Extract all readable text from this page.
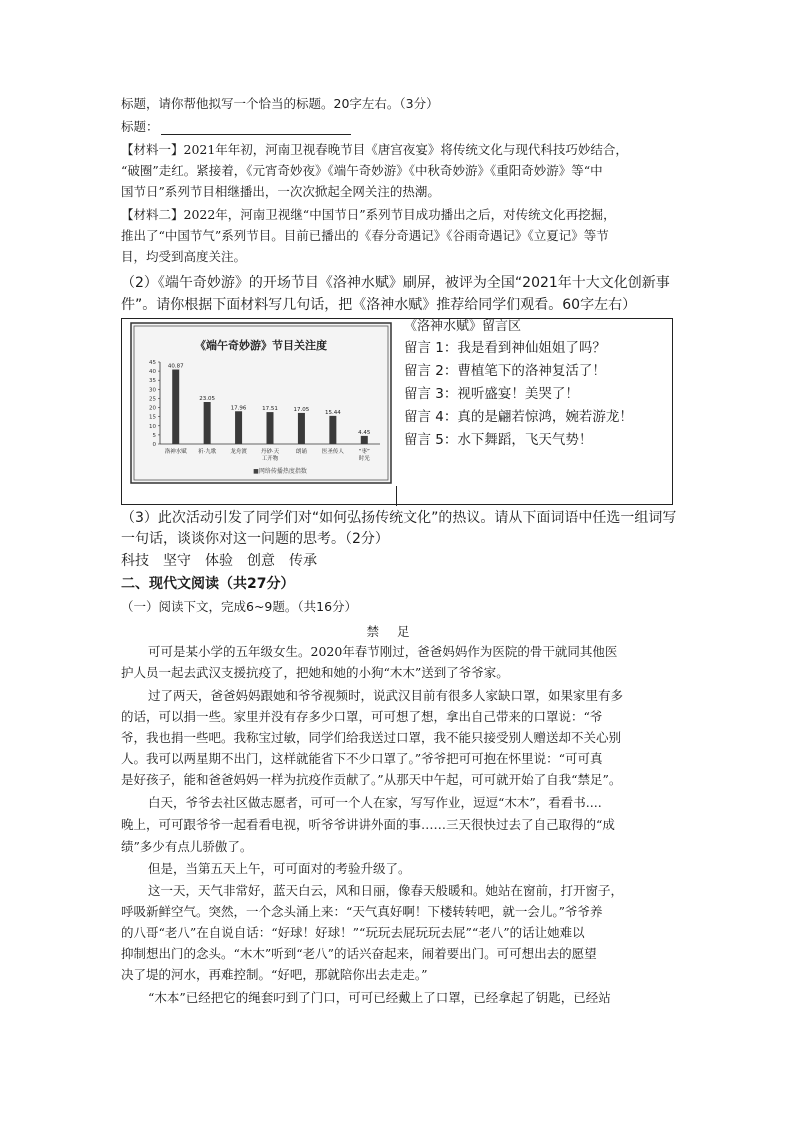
标题，请你帮他拟写一个恰当的标题。20字左右。（3分）
标题：
【材料一】2021年年初，河南卫视春晚节目《唐宫夜宴》将传统文化与现代科技巧妙结合，
“破圈”走红。紧接着，《元宵奇妙夜》《端午奇妙游》《中秋奇妙游》《重阳奇妙游》等“中
国节日”系列节目相继播出，一次次掀起全网关注的热潮。
【材料二】2022年，河南卫视继“中国节日”系列节目成功播出之后，对传统文化再挖掘，
推出了“中国节气”系列节目。目前已播出的《春分奇遇记》《谷雨奇遇记》《立夏记》等节
目，均受到高度关注。
（2）《端午奇妙游》的开场节目《洛神水赋》刷屏，被评为全国“2021年十大文化创新事
件”。请你根据下面材料写几句话，把《洛神水赋》推荐给同学们观看。60字左右）
《端午奇妙游》节目关注度
45
40
35
30
25
20
15
10
5
0
40.87
23.05
17.96	17.51	17.05	15.44
4.45
洛神水赋 祈·九歌	龙舟渡	丹砂·天
工开物
朗诵	医圣传人	“枣”
时光
■网络传播热度指数
《洛神水赋》留言区
留言 1：我是看到神仙姐姐了吗？
留言 2：曹植笔下的洛神复活了！
留言 3：视听盛宴！美哭了！
留言 4：真的是翩若惊鸿，婉若游龙！
留言 5：水下舞蹈，飞天气势！
（3）此次活动引发了同学们对“如何弘扬传统文化”的热议。请从下面词语中任选一组词写
一句话，谈谈你对这一问题的思考。（2分）
科技　坚守　体验　创意　传承
二、现代文阅读（共27分）
（一）阅读下文，完成6~9题。（共16分）
禁足
可可是某小学的五年级女生。2020年春节刚过，爸爸妈妈作为医院的骨干就同其他医
护人员一起去武汉支援抗疫了，把她和她的小狗“木木”送到了爷爷家。
过了两天，爸爸妈妈跟她和爷爷视频时，说武汉目前有很多人家缺口罩，如果家里有多
的话，可以捐一些。家里并没有存多少口罩，可可想了想，拿出自己带来的口罩说：“爷
爷，我也捐一些吧。我称宝过敏，同学们给我送过口罩，我不能只接受别人赠送却不关心别
人。我可以两星期不出门，这样就能省下不少口罩了。”爷爷把可可抱在怀里说：“可可真
是好孩子，能和爸爸妈妈一样为抗疫作贡献了。”从那天中午起，可可就开始了自我“禁足”。
白天，爷爷去社区做志愿者，可可一个人在家，写写作业，逗逗“木木”，看看书....
晚上，可可跟爷爷一起看看电视，听爷爷讲讲外面的事……三天很快过去了自己取得的“成
绩”多少有点儿骄傲了。
但是，当第五天上午，可可面对的考验升级了。
这一天，天气非常好，蓝天白云，风和日丽，像春天般暖和。她站在窗前，打开窗子，
呼吸新鲜空气。突然，一个念头涌上来：“天气真好啊！下楼转转吧，就一会儿。”爷爷养
的八哥“老八”在自说自话：“好球！好球！”“玩玩去屁玩玩去屁”“老八”的话让她难以
抑制想出门的念头。“木木”听到“老八”的话兴奋起来，闹着要出门。可可想出去的愿望
决了堤的河水，再难控制。“好吧，那就陪你出去走走。”
“木本”已经把它的绳套叼到了门口，可可已经戴上了口罩，已经拿起了钥匙，已经站
